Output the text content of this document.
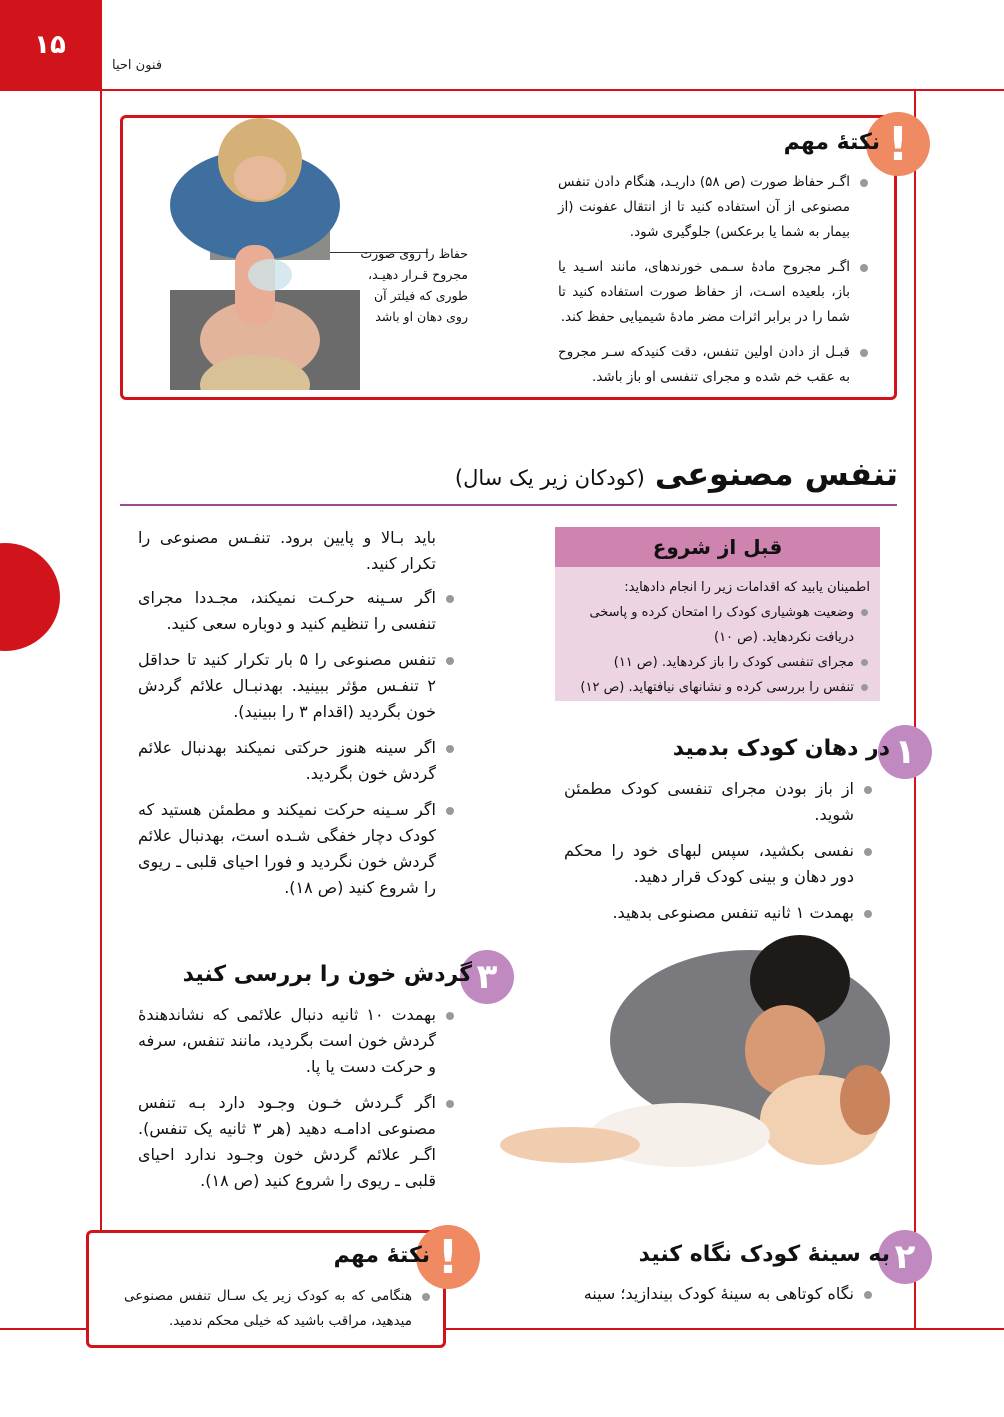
۱۵
فنون احیا
!
نکتهٔ مهم
اگـر حفاظ صورت (ص ۵۸) داریـد، هنگام دادن تنفس مصنوعی از آن استفاده کنید تا از انتقال عفونت (از بیمار به شما یا برعکس) جلوگیری شود.
اگـر مجروح مادهٔ سـمی خورندهای، مانند اسـید یا باز، بلعیده اسـت، از حفاظ صورت استفاده کنید تا شما را در برابر اثرات مضر مادهٔ شیمیایی حفظ کند.
قبـل از دادن اولین تنفس، دقت کنیدکه سـر مجروح به عقب خم شده و مجرای تنفسی او باز باشد.
حفاظ را روی صورت مجروح قـرار دهیـد، طوری که فیلتر آن روی دهان او باشد
تنفس مصنوعی
(کودکان زیر یک سال)
قبل از شروع
اطمینان یابید که اقدامات زیر را انجام دادهاید:
وضعیت هوشیاری کودک را امتحان کرده و پاسخی دریافت نکردهاید. (ص ۱۰)
مجرای تنفسی کودک را باز کردهاید. (ص ۱۱)
تنفس را بررسی کرده و نشانهای نیافتهاید. (ص ۱۲)
۱
در دهان کودک بدمید
از باز بودن مجرای تنفسی کودک مطمئن شوید.
نفسی بکشید، سپس لبهای خود را محکم دور دهان و بینی کودک قرار دهید.
بهمدت ۱ ثانیه تنفس مصنوعی بدهید.
۲
به سینهٔ کودک نگاه کنید
نگاه کوتاهی به سینهٔ کودک بیندازید؛ سینه
باید بـالا و پایین برود. تنفـس مصنوعی را تکرار کنید.
اگر سـینه حرکـت نمیکند، مجـددا مجرای تنفسی را تنظیم کنید و دوباره سعی کنید.
تنفس مصنوعی را ۵ بار تکرار کنید تا حداقل ۲ تنفـس مؤثر ببینید. بهدنبـال علائم گردش خون بگردید (اقدام ۳ را ببینید).
اگر سینه هنوز حرکتی نمیکند بهدنبال علائم گردش خون بگردید.
اگر سـینه حرکت نمیکند و مطمئن هستید که کودک دچار خفگی شـده است، بهدنبال علائم گردش خون نگردید و فورا احیای قلبی ـ ریوی را شروع کنید (ص ۱۸).
۳
گردش خون را بررسی کنید
بهمدت ۱۰ ثانیه دنبال علائمی که نشاندهندهٔ گردش خون است بگردید، مانند تنفس، سرفه و حرکت دست یا پا.
اگر گـردش خـون وجـود دارد بـه تنفس مصنوعی ادامـه دهید (هر ۳ ثانیه یک تنفس). اگـر علائم گردش خون وجـود ندارد احیای قلبی ـ ریوی را شروع کنید (ص ۱۸).
!
نکتهٔ مهم
هنگامی که به کودک زیر یک سـال تنفس مصنوعی میدهید، مراقب باشید که خیلی محکم ندمید.
